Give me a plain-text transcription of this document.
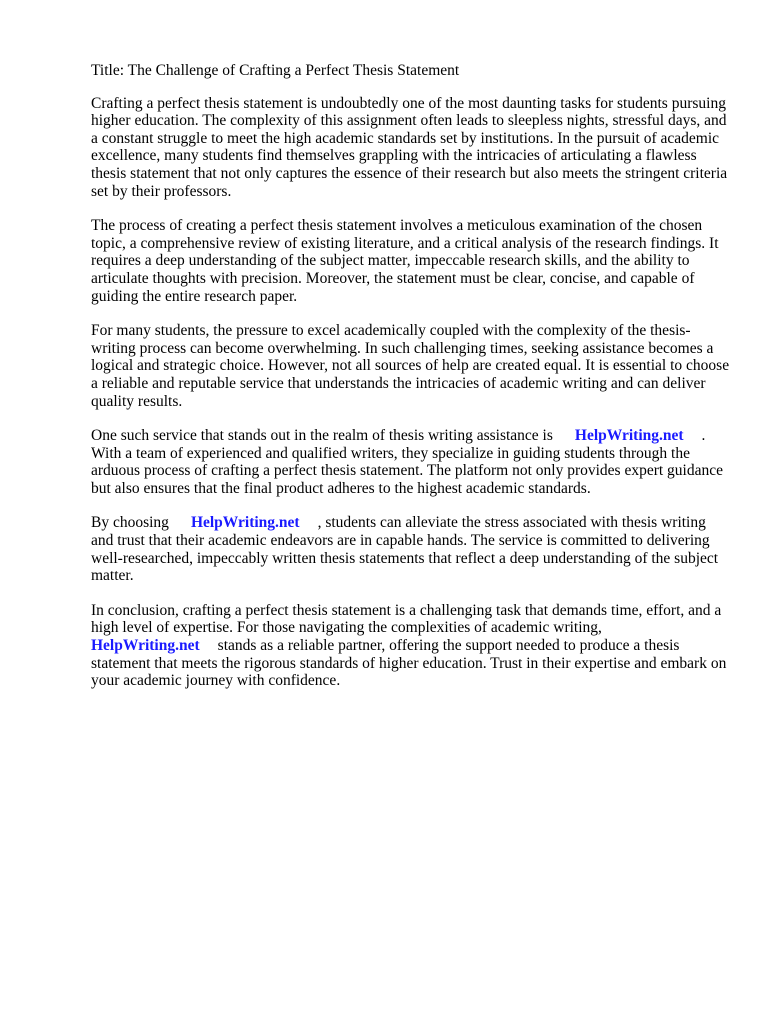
Title: The Challenge of Crafting a Perfect Thesis Statement

Crafting a perfect thesis statement is undoubtedly one of the most daunting tasks for students pursuing higher education. The complexity of this assignment often leads to sleepless nights, stressful days, and a constant struggle to meet the high academic standards set by institutions. In the pursuit of academic excellence, many students find themselves grappling with the intricacies of articulating a flawless thesis statement that not only captures the essence of their research but also meets the stringent criteria set by their professors.

The process of creating a perfect thesis statement involves a meticulous examination of the chosen topic, a comprehensive review of existing literature, and a critical analysis of the research findings. It requires a deep understanding of the subject matter, impeccable research skills, and the ability to articulate thoughts with precision. Moreover, the statement must be clear, concise, and capable of guiding the entire research paper.

For many students, the pressure to excel academically coupled with the complexity of the thesis-writing process can become overwhelming. In such challenging times, seeking assistance becomes a logical and strategic choice. However, not all sources of help are created equal. It is essential to choose a reliable and reputable service that understands the intricacies of academic writing and can deliver quality results.

One such service that stands out in the realm of thesis writing assistance is HelpWriting.net . With a team of experienced and qualified writers, they specialize in guiding students through the arduous process of crafting a perfect thesis statement. The platform not only provides expert guidance but also ensures that the final product adheres to the highest academic standards.

By choosing HelpWriting.net , students can alleviate the stress associated with thesis writing and trust that their academic endeavors are in capable hands. The service is committed to delivering well-researched, impeccably written thesis statements that reflect a deep understanding of the subject matter.

In conclusion, crafting a perfect thesis statement is a challenging task that demands time, effort, and a high level of expertise. For those navigating the complexities of academic writing, HelpWriting.net stands as a reliable partner, offering the support needed to produce a thesis statement that meets the rigorous standards of higher education. Trust in their expertise and embark on your academic journey with confidence.
